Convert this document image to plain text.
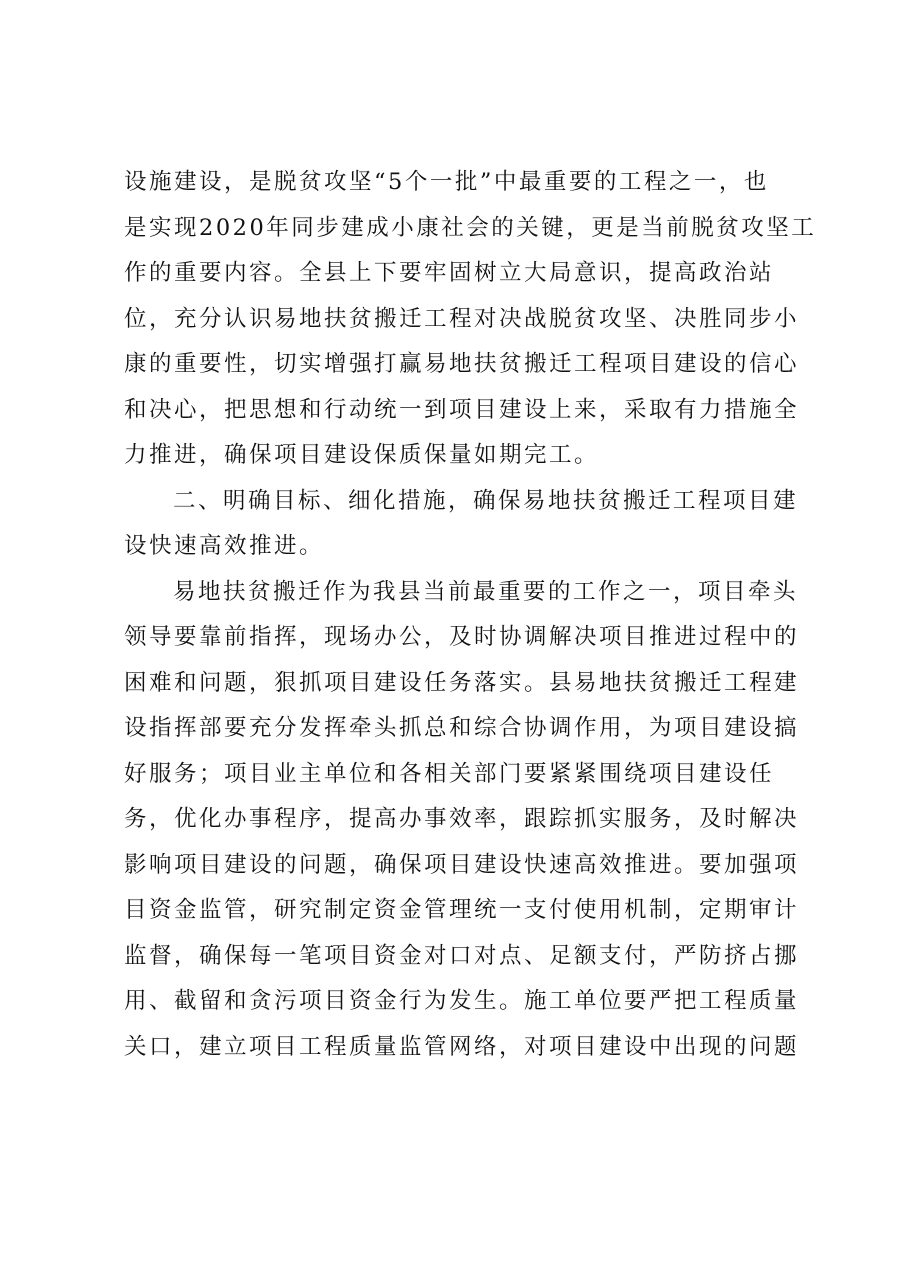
设施建设，是脱贫攻坚“5个一批”中最重要的工程之一，也
是实现2020年同步建成小康社会的关键，更是当前脱贫攻坚工
作的重要内容。全县上下要牢固树立大局意识，提高政治站
位，充分认识易地扶贫搬迁工程对决战脱贫攻坚、决胜同步小
康的重要性，切实增强打赢易地扶贫搬迁工程项目建设的信心
和决心，把思想和行动统一到项目建设上来，采取有力措施全
力推进，确保项目建设保质保量如期完工。
二、明确目标、细化措施，确保易地扶贫搬迁工程项目建
设快速高效推进。
易地扶贫搬迁作为我县当前最重要的工作之一，项目牵头
领导要靠前指挥，现场办公，及时协调解决项目推进过程中的
困难和问题，狠抓项目建设任务落实。县易地扶贫搬迁工程建
设指挥部要充分发挥牵头抓总和综合协调作用，为项目建设搞
好服务；项目业主单位和各相关部门要紧紧围绕项目建设任
务，优化办事程序，提高办事效率，跟踪抓实服务，及时解决
影响项目建设的问题，确保项目建设快速高效推进。要加强项
目资金监管，研究制定资金管理统一支付使用机制，定期审计
监督，确保每一笔项目资金对口对点、足额支付，严防挤占挪
用、截留和贪污项目资金行为发生。施工单位要严把工程质量
关口，建立项目工程质量监管网络，对项目建设中出现的问题
